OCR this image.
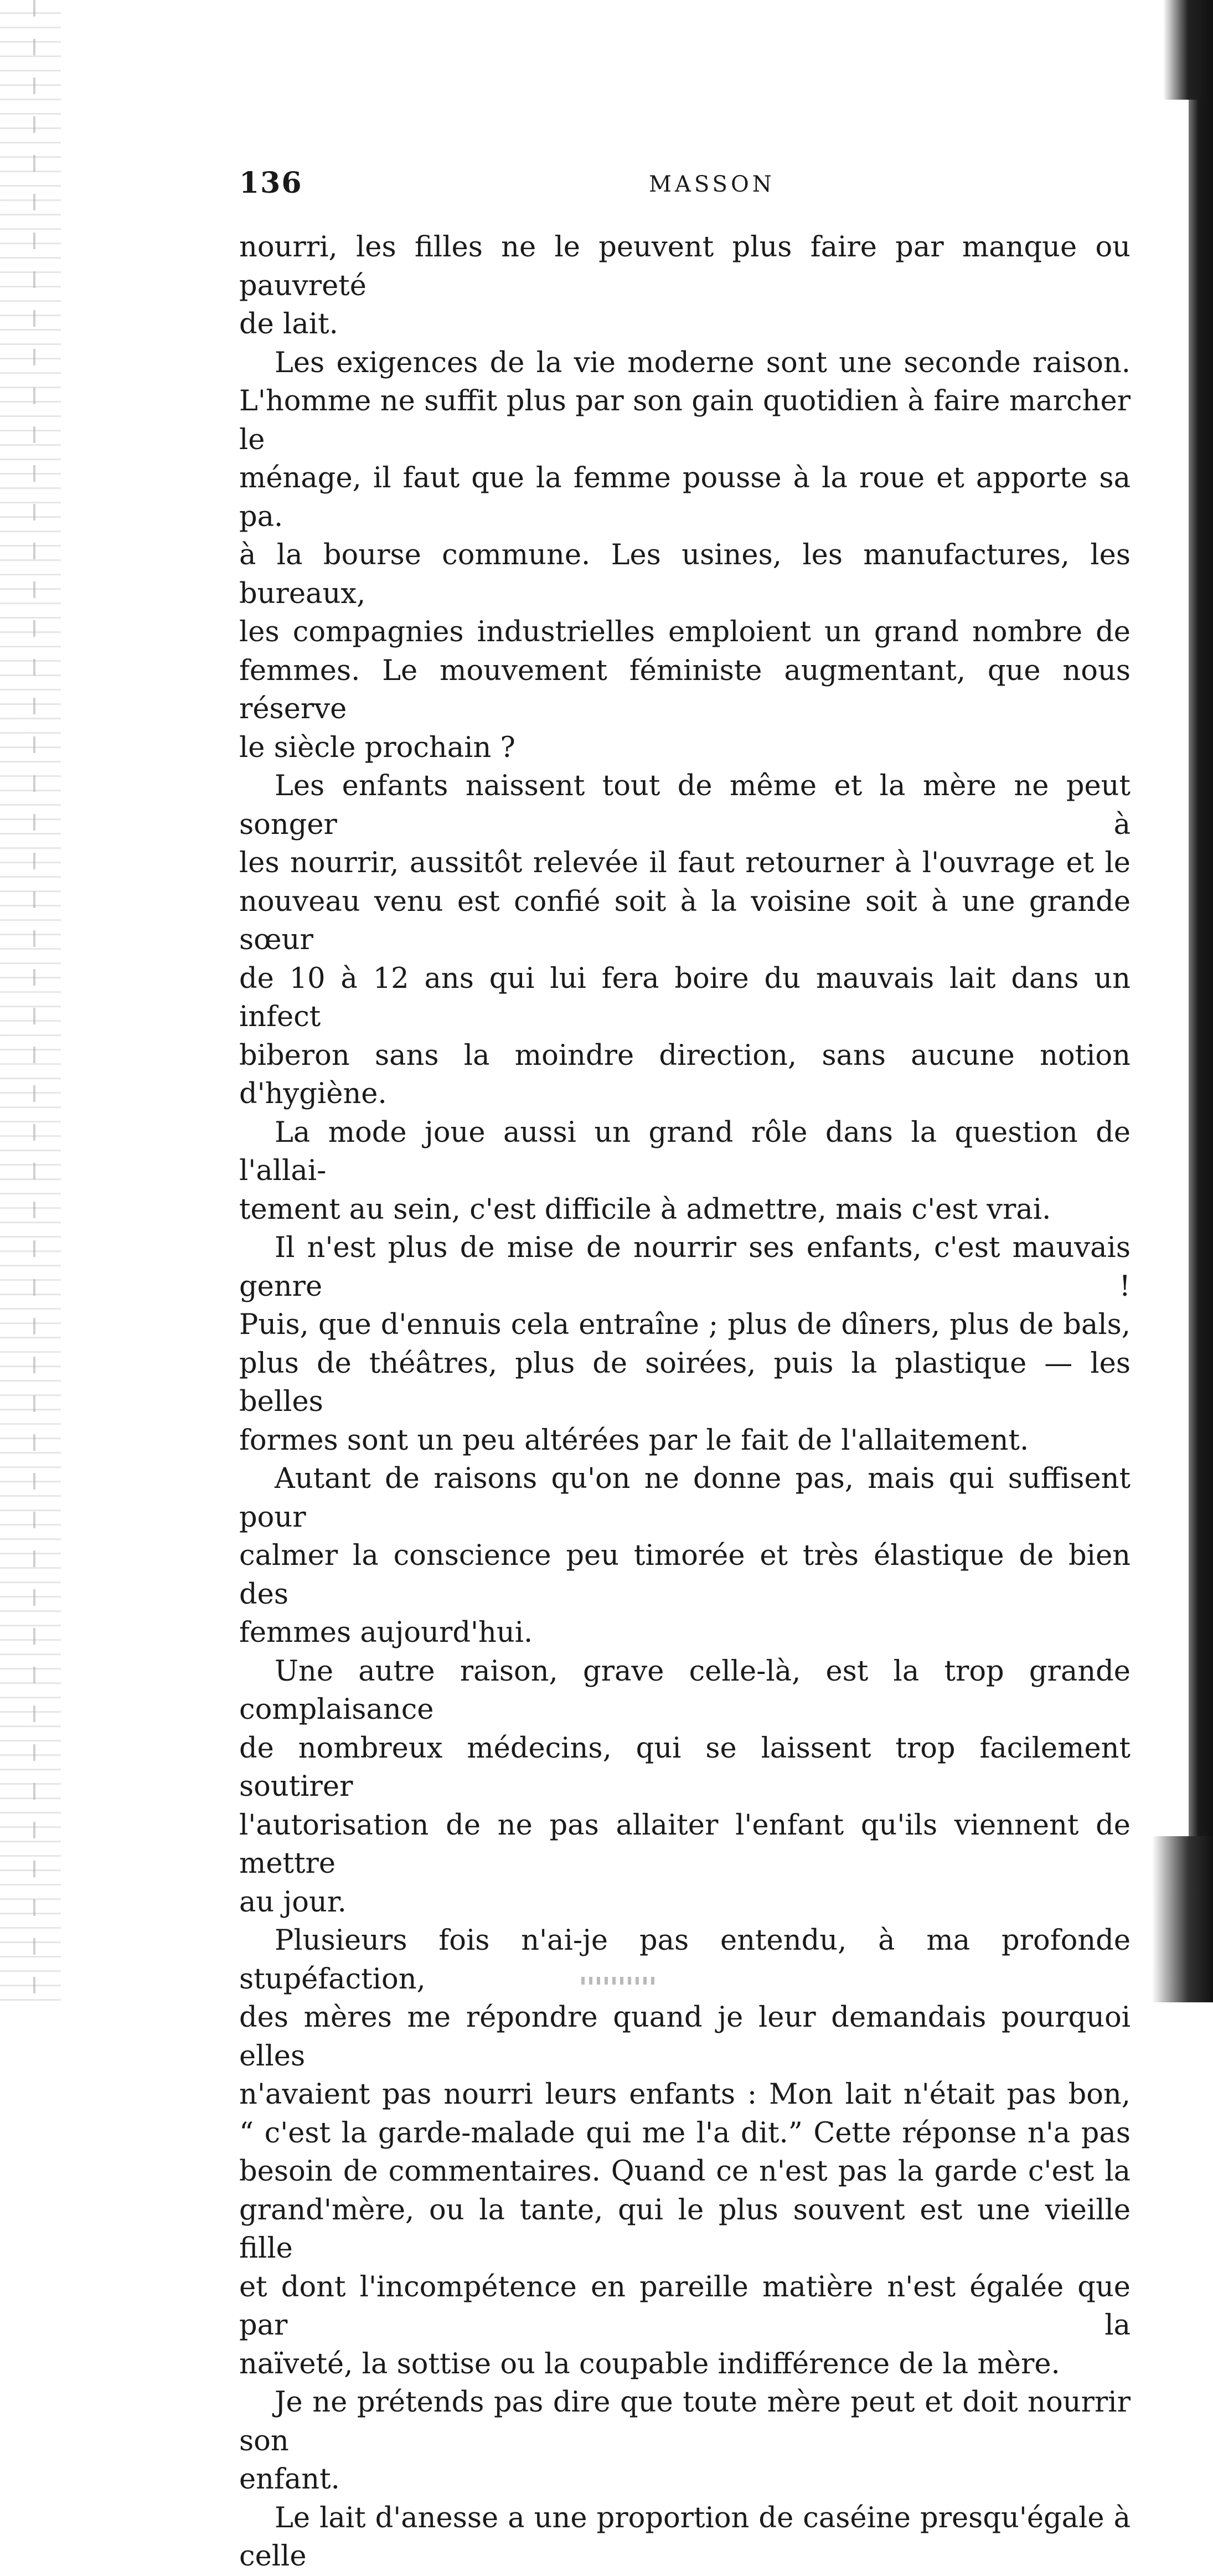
136	MASSON

nourri, les filles ne le peuvent plus faire par manque ou pauvreté

de lait.

Les exigences de la vie moderne sont une seconde raison.

L'homme ne suffit plus par son gain quotidien à faire marcher le

ménage, il faut que la femme pousse à la roue et apporte sa pa.

à la bourse commune. Les usines, les manufactures, les bureaux,

les compagnies industrielles emploient un grand nombre de

femmes. Le mouvement féministe augmentant, que nous réserve

le siècle prochain ?

Les enfants naissent tout de même et la mère ne peut songer à

les nourrir, aussitôt relevée il faut retourner à l'ouvrage et le

nouveau venu est confié soit à la voisine soit à une grande sœur

de 10 à 12 ans qui lui fera boire du mauvais lait dans un infect

biberon sans la moindre direction, sans aucune notion d'hygiène.

La mode joue aussi un grand rôle dans la question de l'allai-

tement au sein, c'est difficile à admettre, mais c'est vrai.

Il n'est plus de mise de nourrir ses enfants, c'est mauvais genre !

Puis, que d'ennuis cela entraîne ; plus de dîners, plus de bals,

plus de théâtres, plus de soirées, puis la plastique — les belles

formes sont un peu altérées par le fait de l'allaitement.

Autant de raisons qu'on ne donne pas, mais qui suffisent pour

calmer la conscience peu timorée et très élastique de bien des

femmes aujourd'hui.

Une autre raison, grave celle-là, est la trop grande complaisance

de nombreux médecins, qui se laissent trop facilement soutirer

l'autorisation de ne pas allaiter l'enfant qu'ils viennent de mettre

au jour.

Plusieurs fois n'ai-je pas entendu, à ma profonde stupéfaction,

des mères me répondre quand je leur demandais pourquoi elles

n'avaient pas nourri leurs enfants : Mon lait n'était pas bon,

“ c'est la garde-malade qui me l'a dit.” Cette réponse n'a pas

besoin de commentaires. Quand ce n'est pas la garde c'est la

grand'mère, ou la tante, qui le plus souvent est une vieille fille

et dont l'incompétence en pareille matière n'est égalée que par la

naïveté, la sottise ou la coupable indifférence de la mère.

Je ne prétends pas dire que toute mère peut et doit nourrir son

enfant.

Le lait d'anesse a une proportion de caséine presqu'égale à celle
